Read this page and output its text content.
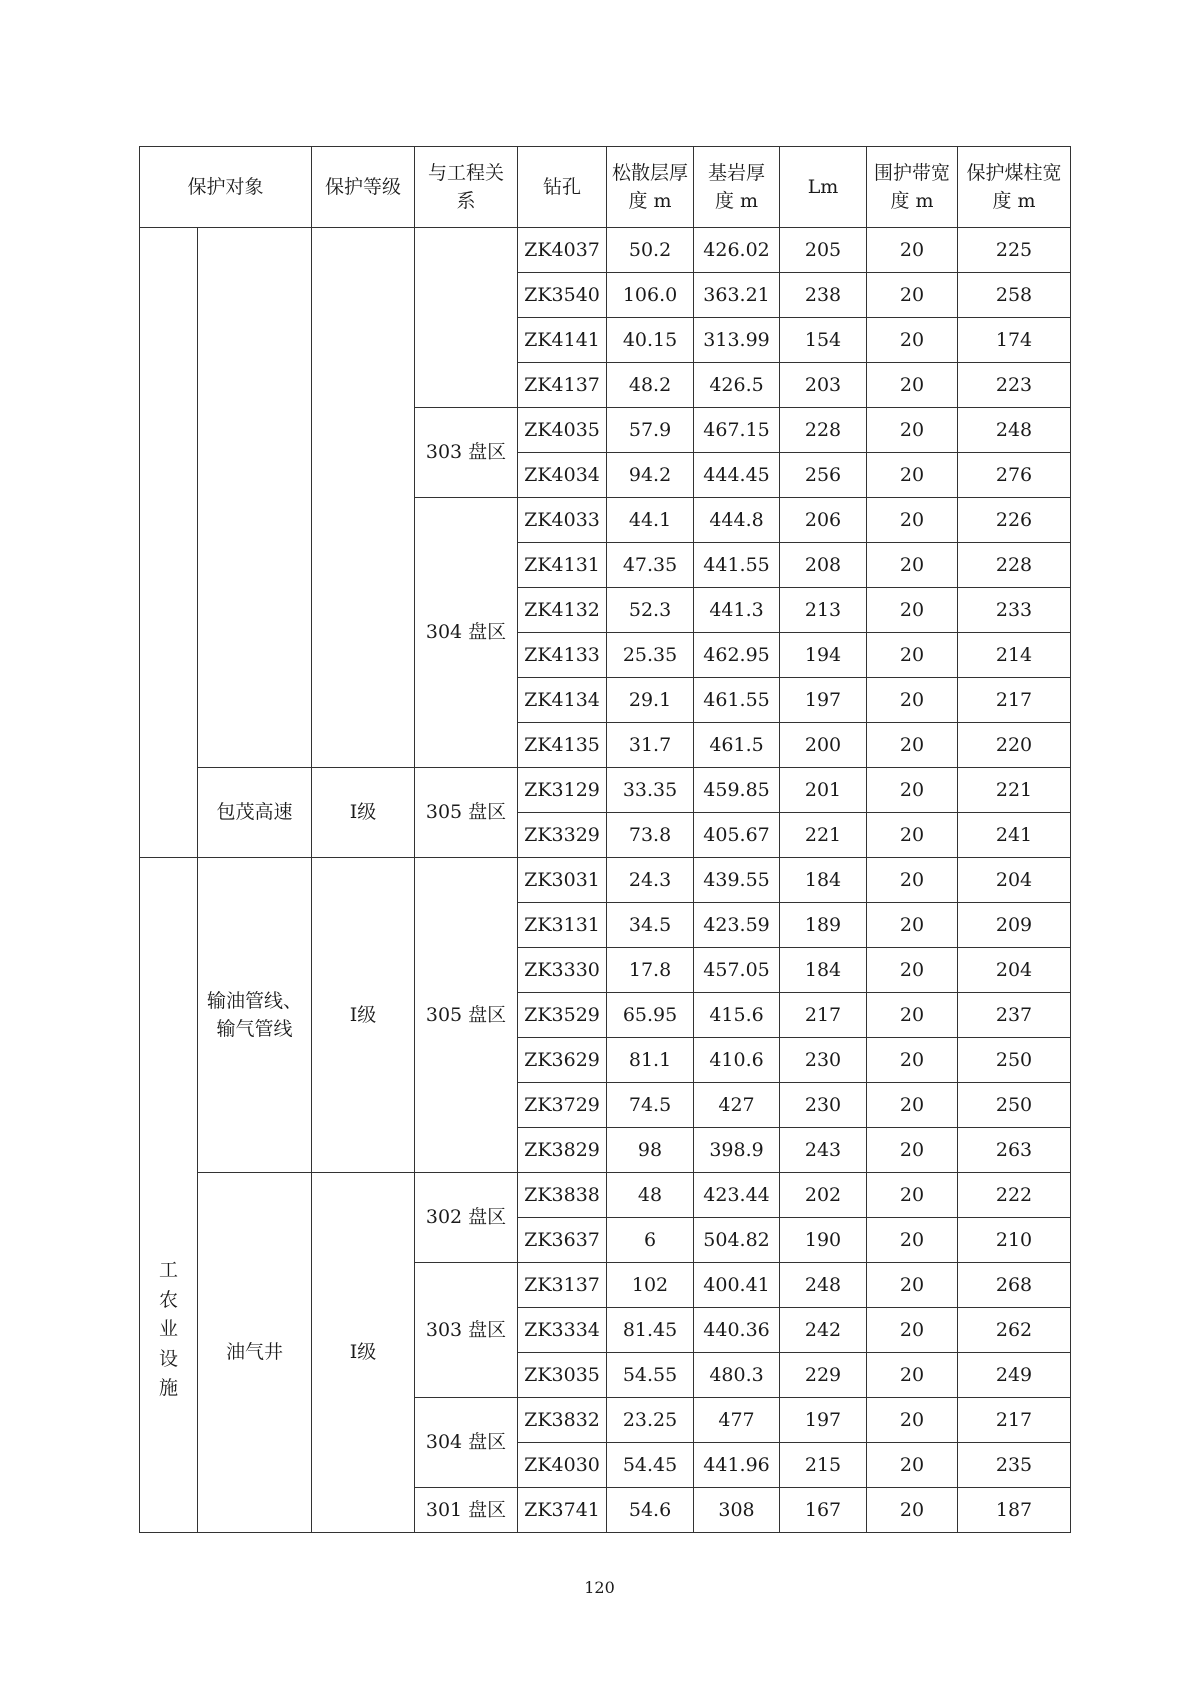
保护对象		保护等级	与工程关系	钻孔	松散层厚度 m	基岩厚度 m	Lm	围护带宽度 m	保护煤柱宽度 m
				ZK4037	50.2	426.02	205	20	225
				ZK3540	106.0	363.21	238	20	258
				ZK4141	40.15	313.99	154	20	174
				ZK4137	48.2	426.5	203	20	223
			303 盘区	ZK4035	57.9	467.15	228	20	248
				ZK4034	94.2	444.45	256	20	276
			304 盘区	ZK4033	44.1	444.8	206	20	226
				ZK4131	47.35	441.55	208	20	228
				ZK4132	52.3	441.3	213	20	233
				ZK4133	25.35	462.95	194	20	214
				ZK4134	29.1	461.55	197	20	217
				ZK4135	31.7	461.5	200	20	220
	包茂高速	Ⅰ级	305 盘区	ZK3129	33.35	459.85	201	20	221
				ZK3329	73.8	405.67	221	20	241
工农业设施	输油管线、输气管线	Ⅰ级	305 盘区	ZK3031	24.3	439.55	184	20	204
				ZK3131	34.5	423.59	189	20	209
				ZK3330	17.8	457.05	184	20	204
				ZK3529	65.95	415.6	217	20	237
				ZK3629	81.1	410.6	230	20	250
				ZK3729	74.5	427	230	20	250
				ZK3829	98	398.9	243	20	263
	油气井	Ⅰ级	302 盘区	ZK3838	48	423.44	202	20	222
				ZK3637	6	504.82	190	20	210
			303 盘区	ZK3137	102	400.41	248	20	268
				ZK3334	81.45	440.36	242	20	262
				ZK3035	54.55	480.3	229	20	249
			304 盘区	ZK3832	23.25	477	197	20	217
				ZK4030	54.45	441.96	215	20	235
			301 盘区	ZK3741	54.6	308	167	20	187
120
